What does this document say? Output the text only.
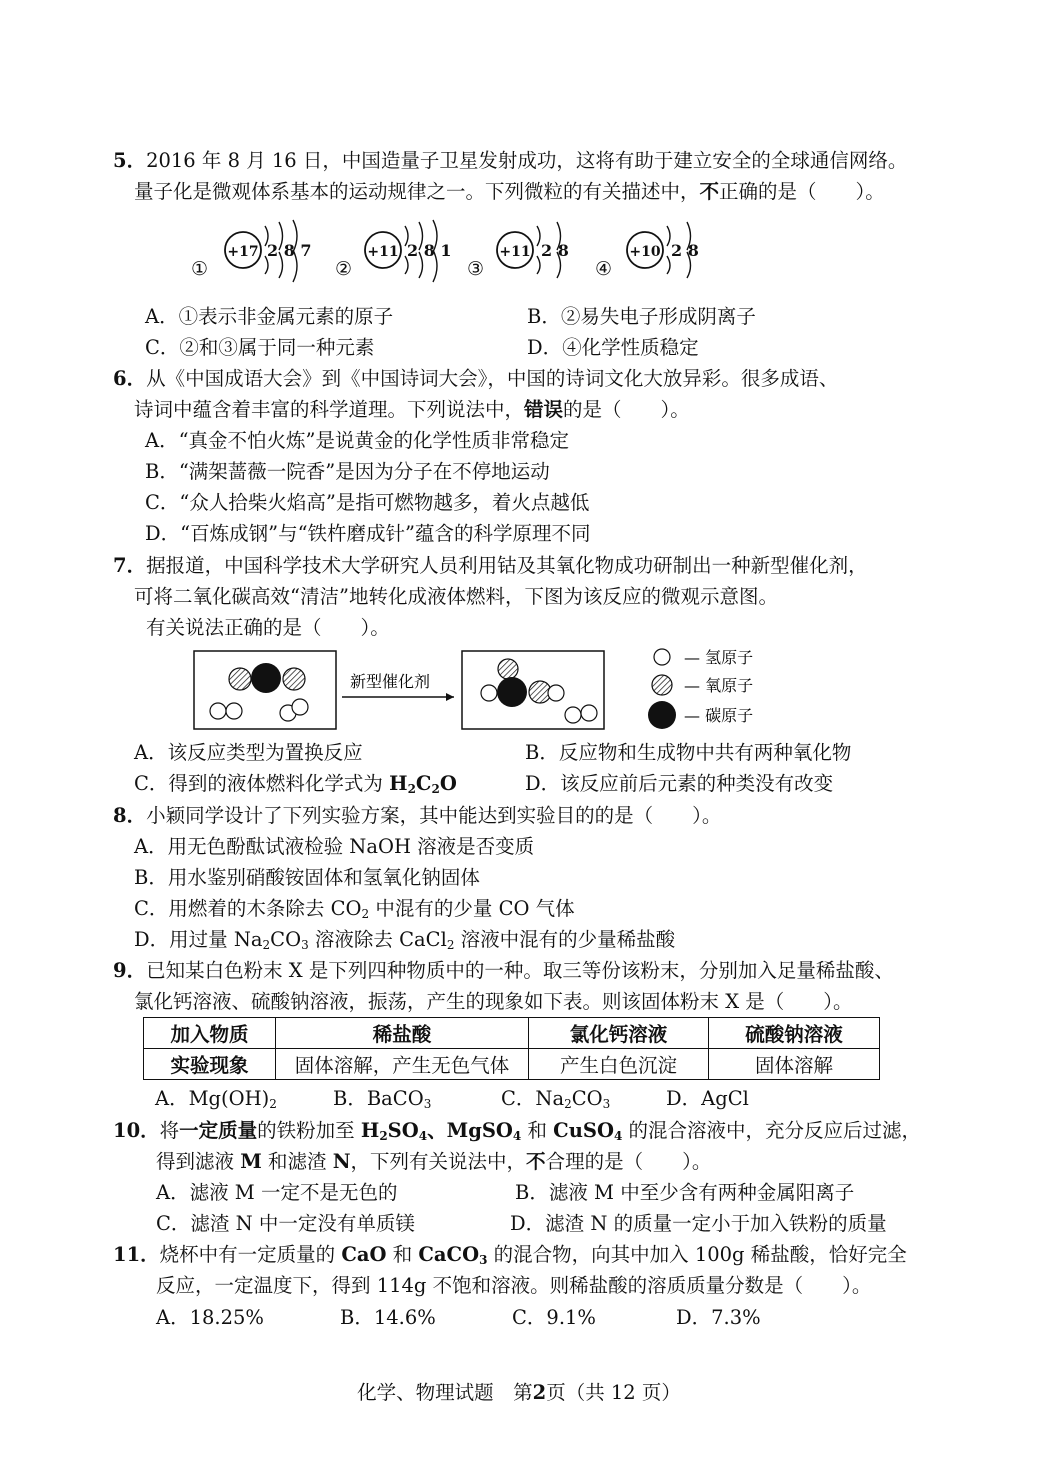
5．2016 年 8 月 16 日，中国造量子卫星发射成功，这将有助于建立安全的全球通信网络。
量子化是微观体系基本的运动规律之一。下列微粒的有关描述中，不正确的是（　　）。
①
+17 2 8 7
②
+11 2 8 1
③
+11 2 8
④
+10 2 8
A．①表示非金属元素的原子	B．②易失电子形成阴离子
C．②和③属于同一种元素	D．④化学性质稳定
6．从《中国成语大会》到《中国诗词大会》，中国的诗词文化大放异彩。很多成语、
诗词中蕴含着丰富的科学道理。下列说法中，错误的是（　　）。
A．“真金不怕火炼”是说黄金的化学性质非常稳定
B．“满架蔷薇一院香”是因为分子在不停地运动
C．“众人拾柴火焰高”是指可燃物越多，着火点越低
D．“百炼成钢”与“铁杵磨成针”蕴含的科学原理不同
7．据报道，中国科学技术大学研究人员利用钴及其氧化物成功研制出一种新型催化剂，
可将二氧化碳高效“清洁”地转化成液体燃料，下图为该反应的微观示意图。
有关说法正确的是（　　）。
新型催化剂
— 氢原子
— 氧原子
— 碳原子
A．该反应类型为置换反应	B．反应物和生成物中共有两种氧化物
C．得到的液体燃料化学式为 $H_2C_2O$	D．该反应前后元素的种类没有改变
8．小颖同学设计了下列实验方案，其中能达到实验目的的是（　　）。
A．用无色酚酞试液检验 NaOH 溶液是否变质
B．用水鉴别硝酸铵固体和氢氧化钠固体
C．用燃着的木条除去 $CO_2$ 中混有的少量 CO 气体
D．用过量 $Na_2CO_3$ 溶液除去 CaCl$_2$ 溶液中混有的少量稀盐酸
9．已知某白色粉末 X 是下列四种物质中的一种。取三等份该粉末，分别加入足量稀盐酸、
氯化钙溶液、硫酸钠溶液，振荡，产生的现象如下表。则该固体粉末 X 是（　　）。
加入物质	稀盐酸	氯化钙溶液	硫酸钠溶液
实验现象	固体溶解，产生无色气体	产生白色沉淀	固体溶解
A．$Mg(OH)_2$	B．BaCO$_3$	C．$Na_2CO_3$	D．AgCl
10．将一定质量的铁粉加至 $H_2SO_4$、MgSO$_4$ 和 CuSO$_4$ 的混合溶液中，充分反应后过滤，
得到滤液 M 和滤渣 N，下列有关说法中，不合理的是（　　）。
A．滤液 M 一定不是无色的	B．滤液 M 中至少含有两种金属阳离子
C．滤渣 N 中一定没有单质镁	D．滤渣 N 的质量一定小于加入铁粉的质量
11．烧杯中有一定质量的 CaO 和 CaCO$_3$ 的混合物，向其中加入 100g 稀盐酸，恰好完全
反应，一定温度下，得到 114g 不饱和溶液。则稀盐酸的溶质质量分数是（　　）。
A．18.25%	B．14.6%	C．9.1%	D．7.3%
化学、物理试题　第2页（共 12 页）
